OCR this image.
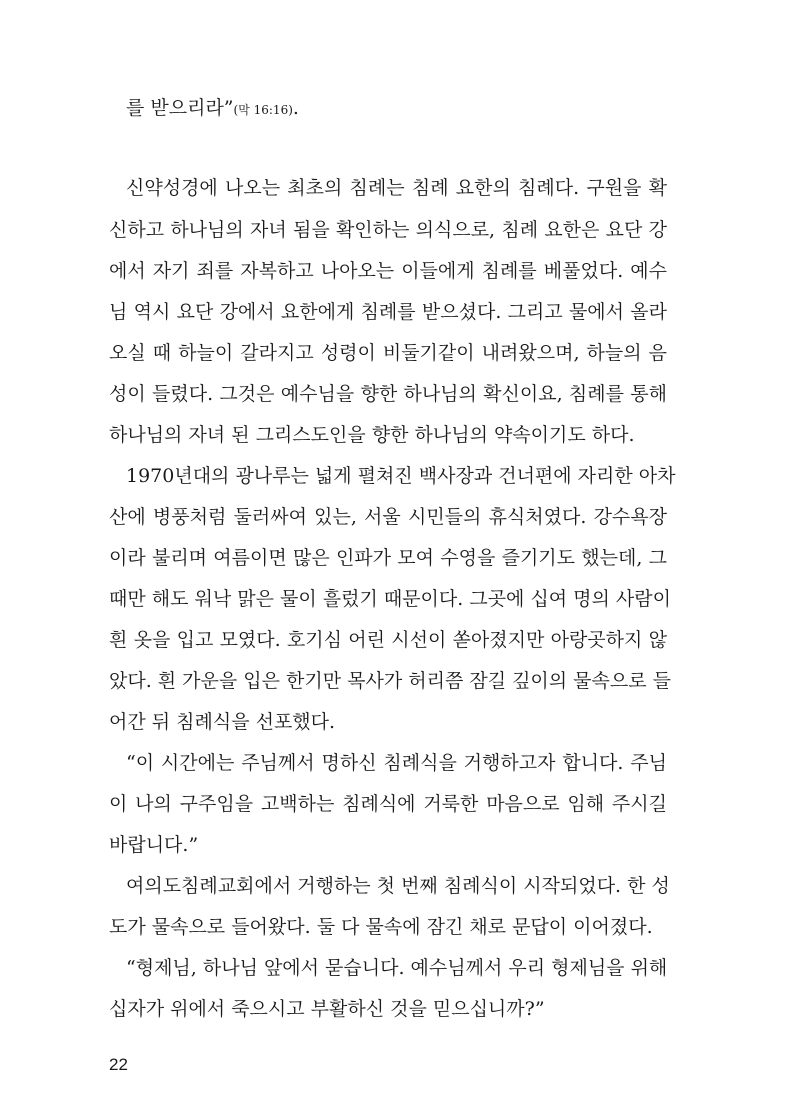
를 받으리라”(막 16:16).
신약성경에 나오는 최초의 침례는 침례 요한의 침례다. 구원을 확
신하고 하나님의 자녀 됨을 확인하는 의식으로, 침례 요한은 요단 강
에서 자기 죄를 자복하고 나아오는 이들에게 침례를 베풀었다. 예수
님 역시 요단 강에서 요한에게 침례를 받으셨다. 그리고 물에서 올라
오실 때 하늘이 갈라지고 성령이 비둘기같이 내려왔으며, 하늘의 음
성이 들렸다. 그것은 예수님을 향한 하나님의 확신이요, 침례를 통해
하나님의 자녀 된 그리스도인을 향한 하나님의 약속이기도 하다.
1970년대의 광나루는 넓게 펼쳐진 백사장과 건너편에 자리한 아차
산에 병풍처럼 둘러싸여 있는, 서울 시민들의 휴식처였다. 강수욕장
이라 불리며 여름이면 많은 인파가 모여 수영을 즐기기도 했는데, 그
때만 해도 워낙 맑은 물이 흘렀기 때문이다. 그곳에 십여 명의 사람이
흰 옷을 입고 모였다. 호기심 어린 시선이 쏟아졌지만 아랑곳하지 않
았다. 흰 가운을 입은 한기만 목사가 허리쯤 잠길 깊이의 물속으로 들
어간 뒤 침례식을 선포했다.
“이 시간에는 주님께서 명하신 침례식을 거행하고자 합니다. 주님
이 나의 구주임을 고백하는 침례식에 거룩한 마음으로 임해 주시길
바랍니다.”
여의도침례교회에서 거행하는 첫 번째 침례식이 시작되었다. 한 성
도가 물속으로 들어왔다. 둘 다 물속에 잠긴 채로 문답이 이어졌다.
“형제님, 하나님 앞에서 묻습니다. 예수님께서 우리 형제님을 위해
십자가 위에서 죽으시고 부활하신 것을 믿으십니까?”
22
